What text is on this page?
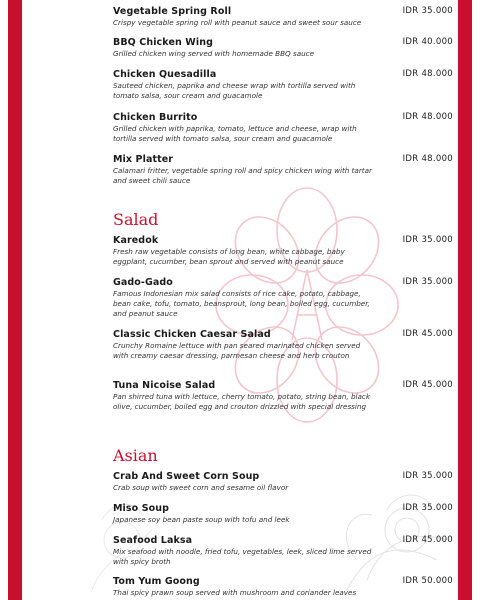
Vegetable Spring Roll
Crispy vegetable spring roll with peanut sauce and sweet sour sauce
IDR 35.000
BBQ Chicken Wing
Grilled chicken wing served with homemade BBQ sauce
IDR 40.000
Chicken Quesadilla
Sauteed chicken, paprika and cheese wrap with tortilla served with tomato salsa, sour cream and guacamole
IDR 48.000
Chicken Burrito
Grilled chicken with paprika, tomato, lettuce and cheese, wrap with tortilla served with tomato salsa, sour cream and guacamole
IDR 48.000
Mix Platter
Calamari fritter, vegetable spring roll and spicy chicken wing with tartar and sweet chili sauce
IDR 48.000
Salad
Karedok
Fresh raw vegetable consists of long bean, white cabbage, baby eggplant, cucumber, bean sprout and served with peanut sauce
IDR 35.000
Gado-Gado
Famous Indonesian mix salad consists of rice cake, potato, cabbage, bean cake, tofu, tomato, beansprout, long bean, boiled egg, cucumber, and peanut sauce
IDR 35.000
Classic Chicken Caesar Salad
Crunchy Romaine lettuce with pan seared marinated chicken served with creamy caesar dressing, parmesan cheese and herb crouton
IDR 45.000
Tuna Nicoise Salad
Pan shirred tuna with lettuce, cherry tomato, potato, string bean, black olive, cucumber, boiled egg and crouton drizzled with special dressing
IDR 45.000
Asian
Crab And Sweet Corn Soup
Crab soup with sweet corn and sesame oil flavor
IDR 35.000
Miso Soup
Japanese soy bean paste soup with tofu and leek
IDR 35.000
Seafood Laksa
Mix seafood with noodle, fried tofu, vegetables, leek, sliced lime served with spicy broth
IDR 45.000
Tom Yum Goong
Thai spicy prawn soup served with mushroom and coriander leaves
IDR 50.000
